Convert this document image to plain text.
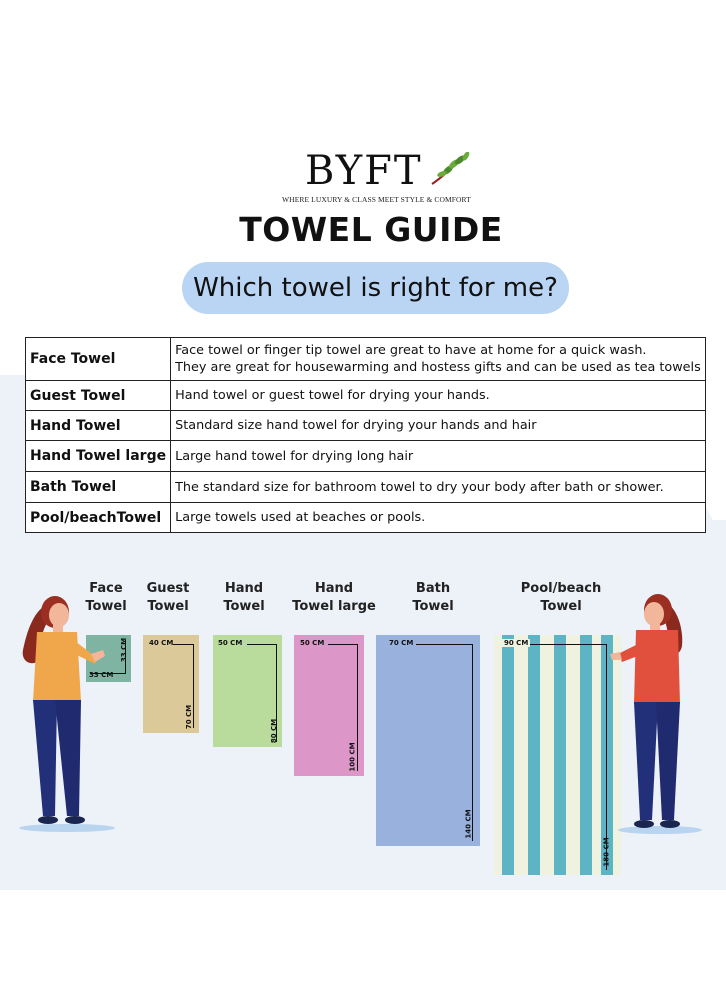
BYFT
WHERE LUXURY & CLASS MEET STYLE & COMFORT
TOWEL GUIDE
Which towel is right for me?
Face Towel	Face towel or finger tip towel are great to have at home for a quick wash.
They are great for housewarming and hostess gifts and can be used as tea towels

Guest Towel	Hand towel or guest towel for drying your hands.
Hand Towel	Standard size hand towel for drying your hands and hair
Hand Towel large	Large hand towel for drying long hair
Bath Towel	The standard size for bathroom towel to dry your body after bath or shower.
Pool/beachTowel	Large towels used at beaches or pools.
Face
Towel
Guest
Towel
Hand
Towel
Hand
Towel large
Bath
Towel
Pool/beach
Towel
33 CM
33 CM	40 CM
70 CM
50 CM
80 CM
50 CM
100 CM
70 CM
140 CM
90 CM
180 CM
